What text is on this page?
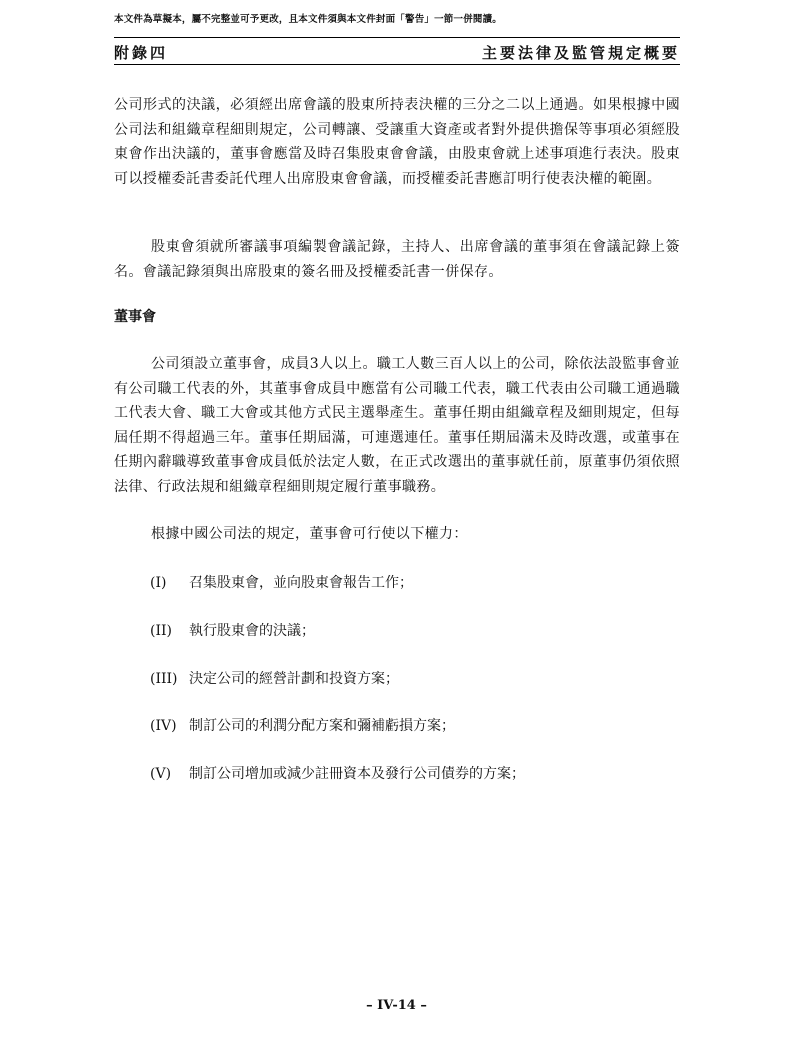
本文件為草擬本，屬不完整並可予更改，且本文件須與本文件封面「警告」一節一併閱讀。
附錄四	主要法律及監管規定概要
公司形式的決議，必須經出席會議的股東所持表決權的三分之二以上通過。如果根據中國公司法和組織章程細則規定，公司轉讓、受讓重大資產或者對外提供擔保等事項必須經股東會作出決議的，董事會應當及時召集股東會會議，由股東會就上述事項進行表決。股東可以授權委託書委託代理人出席股東會會議，而授權委託書應訂明行使表決權的範圍。
股東會須就所審議事項編製會議記錄，主持人、出席會議的董事須在會議記錄上簽名。會議記錄須與出席股東的簽名冊及授權委託書一併保存。
董事會
公司須設立董事會，成員3人以上。職工人數三百人以上的公司，除依法設監事會並有公司職工代表的外，其董事會成員中應當有公司職工代表，職工代表由公司職工通過職工代表大會、職工大會或其他方式民主選舉產生。董事任期由組織章程及細則規定，但每屆任期不得超過三年。董事任期屆滿，可連選連任。董事任期屆滿未及時改選，或董事在任期內辭職導致董事會成員低於法定人數，在正式改選出的董事就任前，原董事仍須依照法律、行政法規和組織章程細則規定履行董事職務。
根據中國公司法的規定，董事會可行使以下權力：
(I) 召集股東會，並向股東會報告工作；
(II) 執行股東會的決議；
(III) 決定公司的經營計劃和投資方案；
(IV) 制訂公司的利潤分配方案和彌補虧損方案；
(V) 制訂公司增加或減少註冊資本及發行公司債券的方案；
– IV-14 –
